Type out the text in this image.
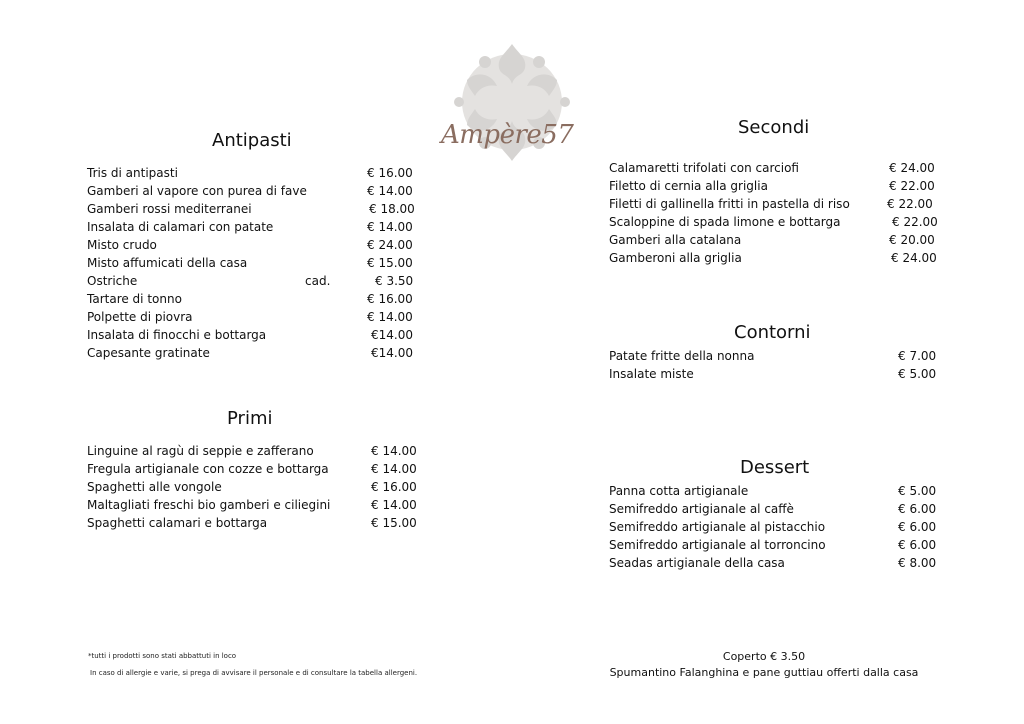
Ampère57
Antipasti
Tris di antipasti	€ 16.00
Gamberi al vapore con purea di fave	€ 14.00
Gamberi rossi mediterranei	€ 18.00
Insalata di calamari con patate	€ 14.00
Misto crudo	€ 24.00
Misto affumicati della casa	€ 15.00
Ostriche	cad.	€ 3.50
Tartare di tonno	€ 16.00
Polpette di piovra	€ 14.00
Insalata di finocchi e bottarga	€14.00
Capesante gratinate	€14.00
Primi
Linguine al ragù di seppie e zafferano	€ 14.00
Fregula artigianale con cozze e bottarga	€ 14.00
Spaghetti alle vongole	€ 16.00
Maltagliati freschi bio gamberi e ciliegini	€ 14.00
Spaghetti calamari e bottarga	€ 15.00
Secondi
Calamaretti trifolati con carciofi	€ 24.00
Filetto di cernia alla griglia	€ 22.00
Filetti di gallinella fritti in pastella di riso	€ 22.00
Scaloppine di spada limone e bottarga	€ 22.00
Gamberi alla catalana	€ 20.00
Gamberoni alla griglia	€ 24.00
Contorni
Patate fritte della nonna	€ 7.00
Insalate miste	€ 5.00
Dessert
Panna cotta artigianale	€ 5.00
Semifreddo artigianale al caffè	€ 6.00
Semifreddo artigianale al pistacchio	€ 6.00
Semifreddo artigianale al torroncino	€ 6.00
Seadas artigianale della casa	€ 8.00
*tutti i prodotti sono stati abbattuti in loco
In caso di allergie e varie, si prega di avvisare il personale e di consultare la tabella allergeni.
Coperto € 3.50
Spumantino Falanghina e pane guttiau offerti dalla casa
